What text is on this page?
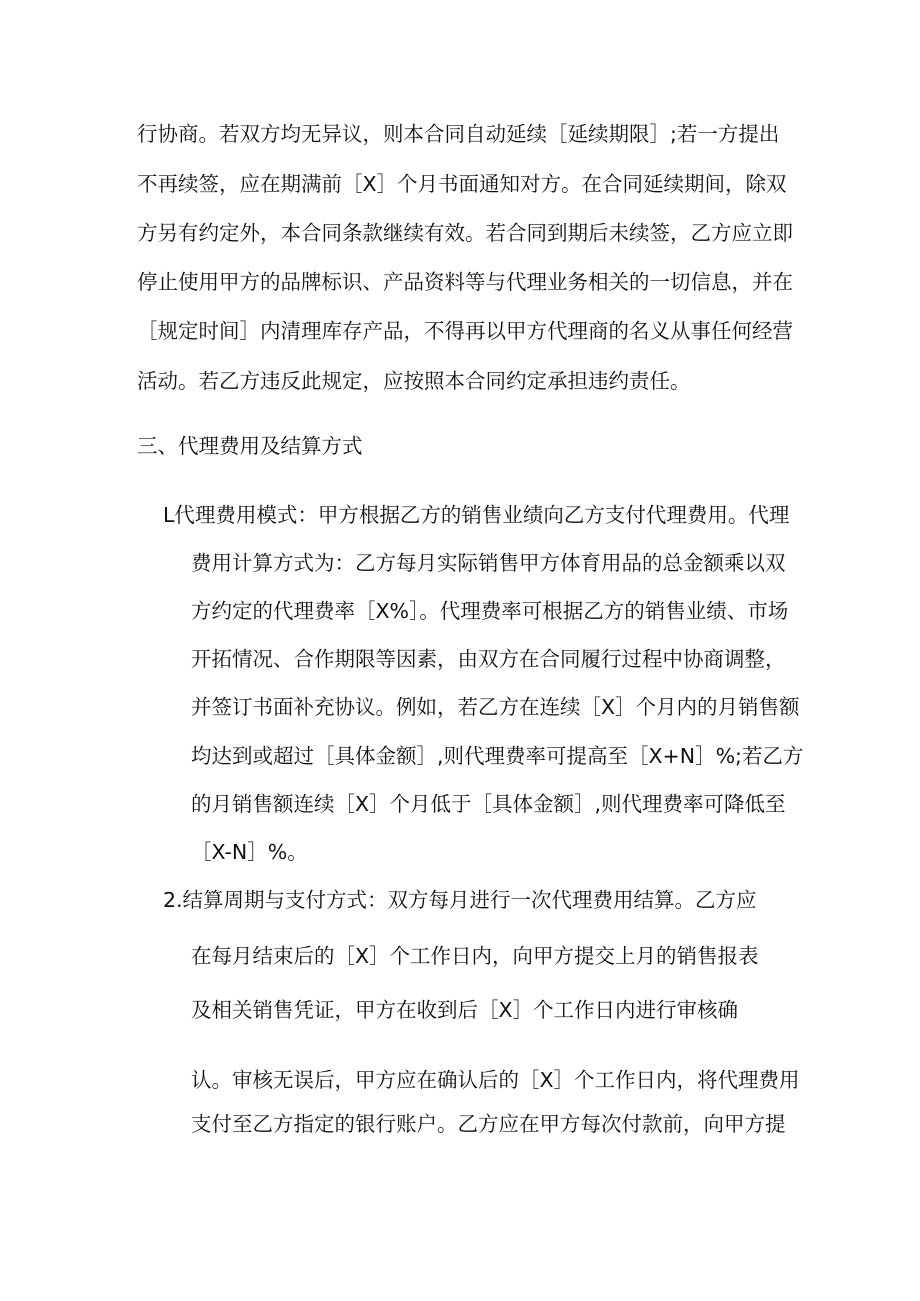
行协商。若双方均无异议，则本合同自动延续［延续期限］;若一方提出
不再续签，应在期满前［X］个月书面通知对方。在合同延续期间，除双
方另有约定外，本合同条款继续有效。若合同到期后未续签，乙方应立即
停止使用甲方的品牌标识、产品资料等与代理业务相关的一切信息，并在
［规定时间］内清理库存产品，不得再以甲方代理商的名义从事任何经营
活动。若乙方违反此规定，应按照本合同约定承担违约责任。
三、代理费用及结算方式
L代理费用模式：甲方根据乙方的销售业绩向乙方支付代理费用。代理
费用计算方式为：乙方每月实际销售甲方体育用品的总金额乘以双
方约定的代理费率［X%］。代理费率可根据乙方的销售业绩、市场
开拓情况、合作期限等因素，由双方在合同履行过程中协商调整，
并签订书面补充协议。例如，若乙方在连续［X］个月内的月销售额
均达到或超过［具体金额］,则代理费率可提高至［X+N］%;若乙方
的月销售额连续［X］个月低于［具体金额］,则代理费率可降低至
［X-N］%。
2.结算周期与支付方式：双方每月进行一次代理费用结算。乙方应
在每月结束后的［X］个工作日内，向甲方提交上月的销售报表
及相关销售凭证，甲方在收到后［X］个工作日内进行审核确
认。审核无误后，甲方应在确认后的［X］个工作日内，将代理费用
支付至乙方指定的银行账户。乙方应在甲方每次付款前，向甲方提
